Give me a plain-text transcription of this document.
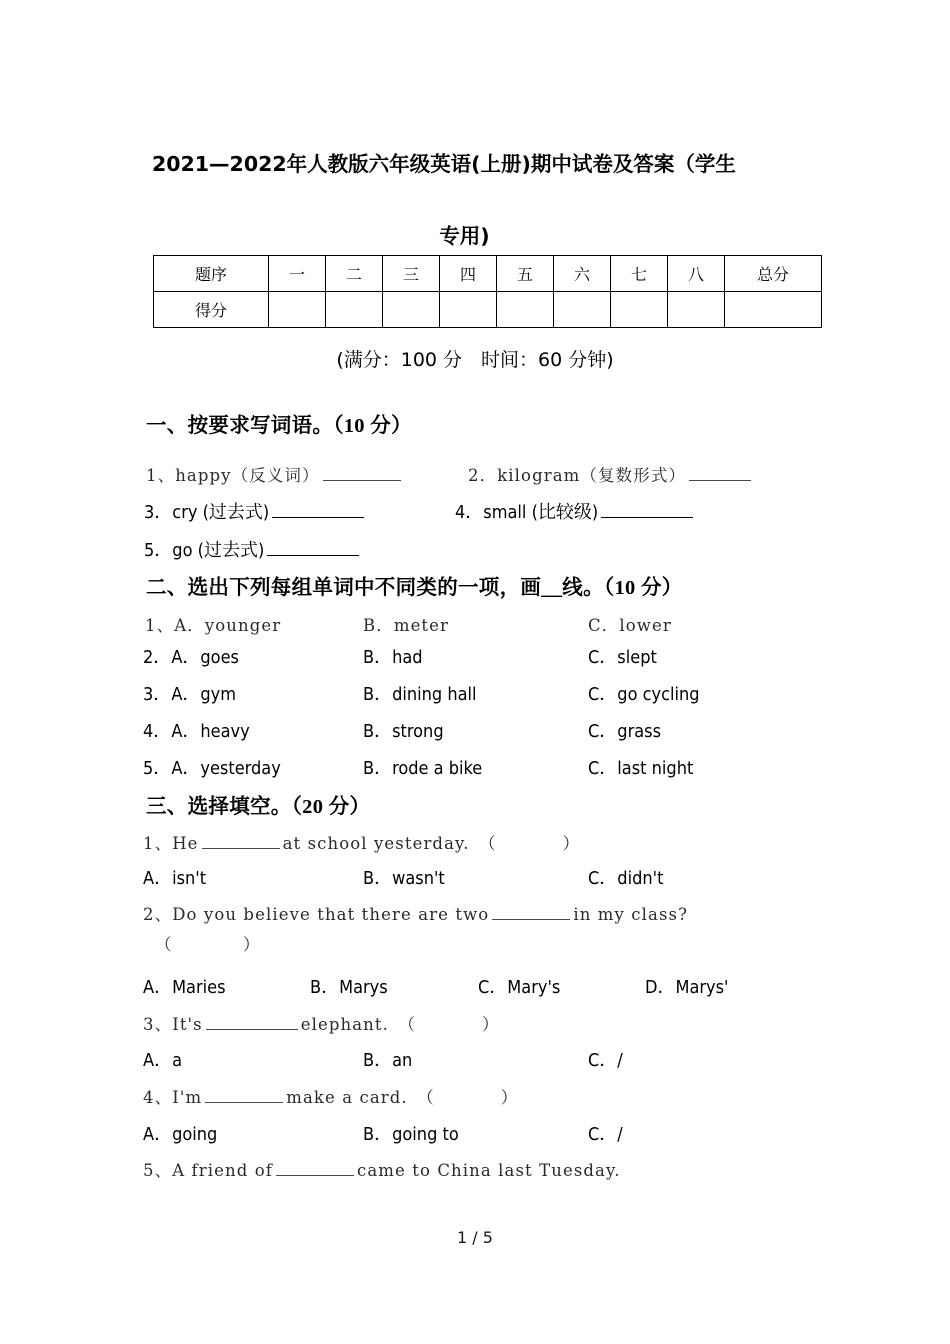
2021—2022年人教版六年级英语(上册)期中试卷及答案（学生
专用)
题序	一	二	三	四	五	六	七	八	总分
得分									
(满分：100 分　时间：60 分钟)
一、按要求写词语。（10 分）
1、happy（反义词）	2．kilogram（复数形式）
3．cry (过去式)	4．small (比较级)
5．go (过去式)
二、选出下列每组单词中不同类的一项，画__线。（10 分）
1、A．younger	B．meter	C．lower
2．A．goes	B．had	C．slept
3．A．gym	B．dining hall	C．go cycling
4．A．heavy	B．strong	C．grass
5．A．yesterday	B．rode a bike	C．last night
三、选择填空。（20 分）
1、He	at school yesterday.　（	）
A．isn't	B．wasn't	C．didn't
2、Do you believe that there are two	in my class?
（　　　　）
A．Maries	B．Marys	C．Mary's	D．Marys'
3、It's	elephant.　（	）
A．a	B．an	C．/
4、I'm	make a card.　（	）
A．going	B．going to	C．/
5、A friend of	came to China last Tuesday.
1 / 5
